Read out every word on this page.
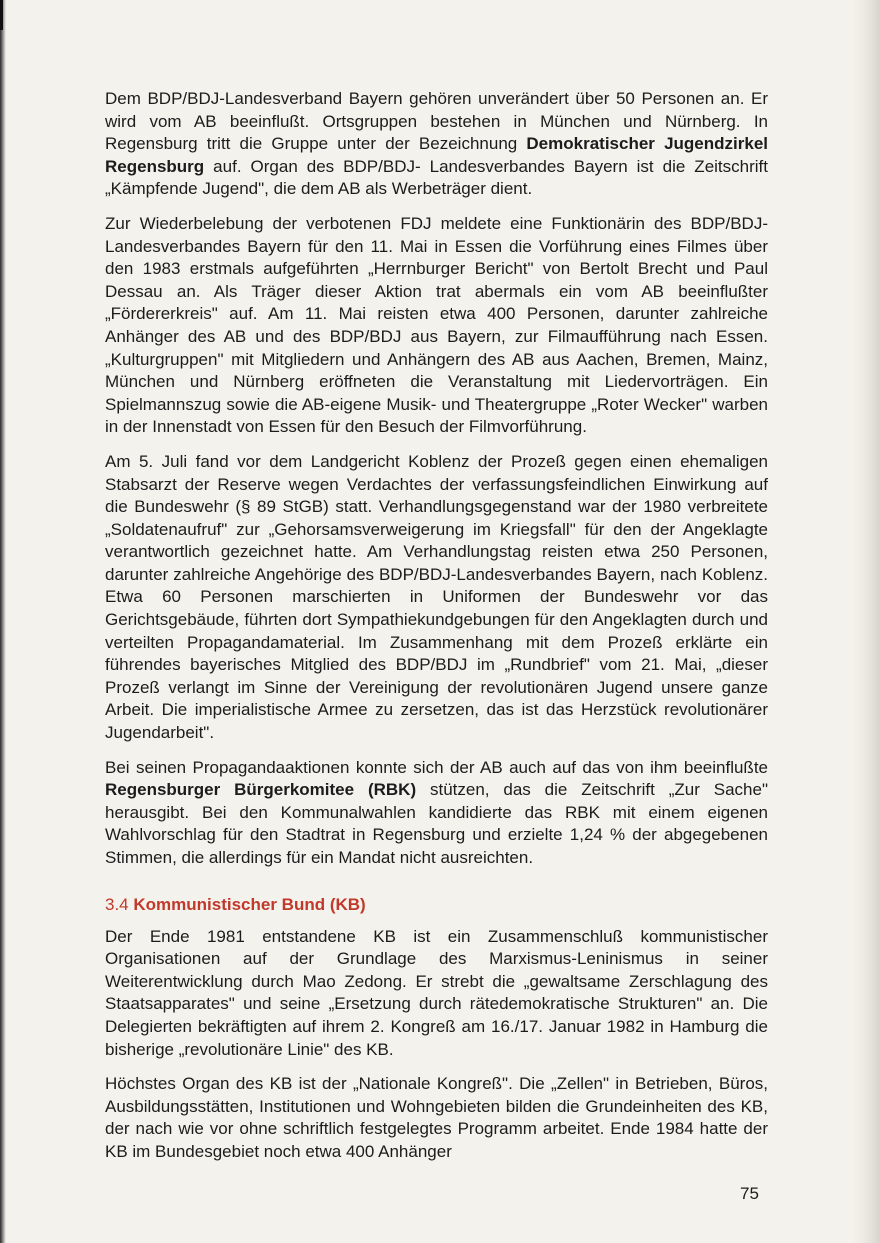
Dem BDP/BDJ-Landesverband Bayern gehören unverändert über 50 Personen an. Er wird vom AB beeinflußt. Ortsgruppen bestehen in München und Nürnberg. In Regensburg tritt die Gruppe unter der Bezeichnung Demokratischer Jugendzirkel Regensburg auf. Organ des BDP/BDJ- Landesverbandes Bayern ist die Zeitschrift „Kämpfende Jugend", die dem AB als Werbeträger dient.

Zur Wiederbelebung der verbotenen FDJ meldete eine Funktionärin des BDP/BDJ-Landesverbandes Bayern für den 11. Mai in Essen die Vorführung eines Filmes über den 1983 erstmals aufgeführten „Herrnburger Bericht" von Bertolt Brecht und Paul Dessau an. Als Träger dieser Aktion trat abermals ein vom AB beeinflußter „Fördererkreis" auf. Am 11. Mai reisten etwa 400 Personen, darunter zahlreiche Anhänger des AB und des BDP/BDJ aus Bayern, zur Filmaufführung nach Essen. „Kulturgruppen" mit Mitgliedern und Anhängern des AB aus Aachen, Bremen, Mainz, München und Nürnberg eröffneten die Veranstaltung mit Liedervorträgen. Ein Spielmannszug sowie die AB-eigene Musik- und Theatergruppe „Roter Wecker" warben in der Innenstadt von Essen für den Besuch der Filmvorführung.

Am 5. Juli fand vor dem Landgericht Koblenz der Prozeß gegen einen ehemaligen Stabsarzt der Reserve wegen Verdachtes der verfassungsfeindlichen Einwirkung auf die Bundeswehr (§ 89 StGB) statt. Verhandlungsgegenstand war der 1980 verbreitete „Soldatenaufruf" zur „Gehorsamsverweigerung im Kriegsfall" für den der Angeklagte verantwortlich gezeichnet hatte. Am Verhandlungstag reisten etwa 250 Personen, darunter zahlreiche Angehörige des BDP/BDJ-Landesverbandes Bayern, nach Koblenz. Etwa 60 Personen marschierten in Uniformen der Bundeswehr vor das Gerichtsgebäude, führten dort Sympathiekundgebungen für den Angeklagten durch und verteilten Propagandamaterial. Im Zusammenhang mit dem Prozeß erklärte ein führendes bayerisches Mitglied des BDP/BDJ im „Rundbrief" vom 21. Mai, „dieser Prozeß verlangt im Sinne der Vereinigung der revolutionären Jugend unsere ganze Arbeit. Die imperialistische Armee zu zersetzen, das ist das Herzstück revolutionärer Jugendarbeit".

Bei seinen Propagandaaktionen konnte sich der AB auch auf das von ihm beeinflußte Regensburger Bürgerkomitee (RBK) stützen, das die Zeitschrift „Zur Sache" herausgibt. Bei den Kommunalwahlen kandidierte das RBK mit einem eigenen Wahlvorschlag für den Stadtrat in Regensburg und erzielte 1,24 % der abgegebenen Stimmen, die allerdings für ein Mandat nicht ausreichten.

3.4 Kommunistischer Bund (KB)

Der Ende 1981 entstandene KB ist ein Zusammenschluß kommunistischer Organisationen auf der Grundlage des Marxismus-Leninismus in seiner Weiterentwicklung durch Mao Zedong. Er strebt die „gewaltsame Zerschlagung des Staatsapparates" und seine „Ersetzung durch rätedemokratische Strukturen" an. Die Delegierten bekräftigten auf ihrem 2. Kongreß am 16./17. Januar 1982 in Hamburg die bisherige „revolutionäre Linie" des KB.

Höchstes Organ des KB ist der „Nationale Kongreß". Die „Zellen" in Betrieben, Büros, Ausbildungsstätten, Institutionen und Wohngebieten bilden die Grundeinheiten des KB, der nach wie vor ohne schriftlich festgelegtes Programm arbeitet. Ende 1984 hatte der KB im Bundesgebiet noch etwa 400 Anhänger

75
